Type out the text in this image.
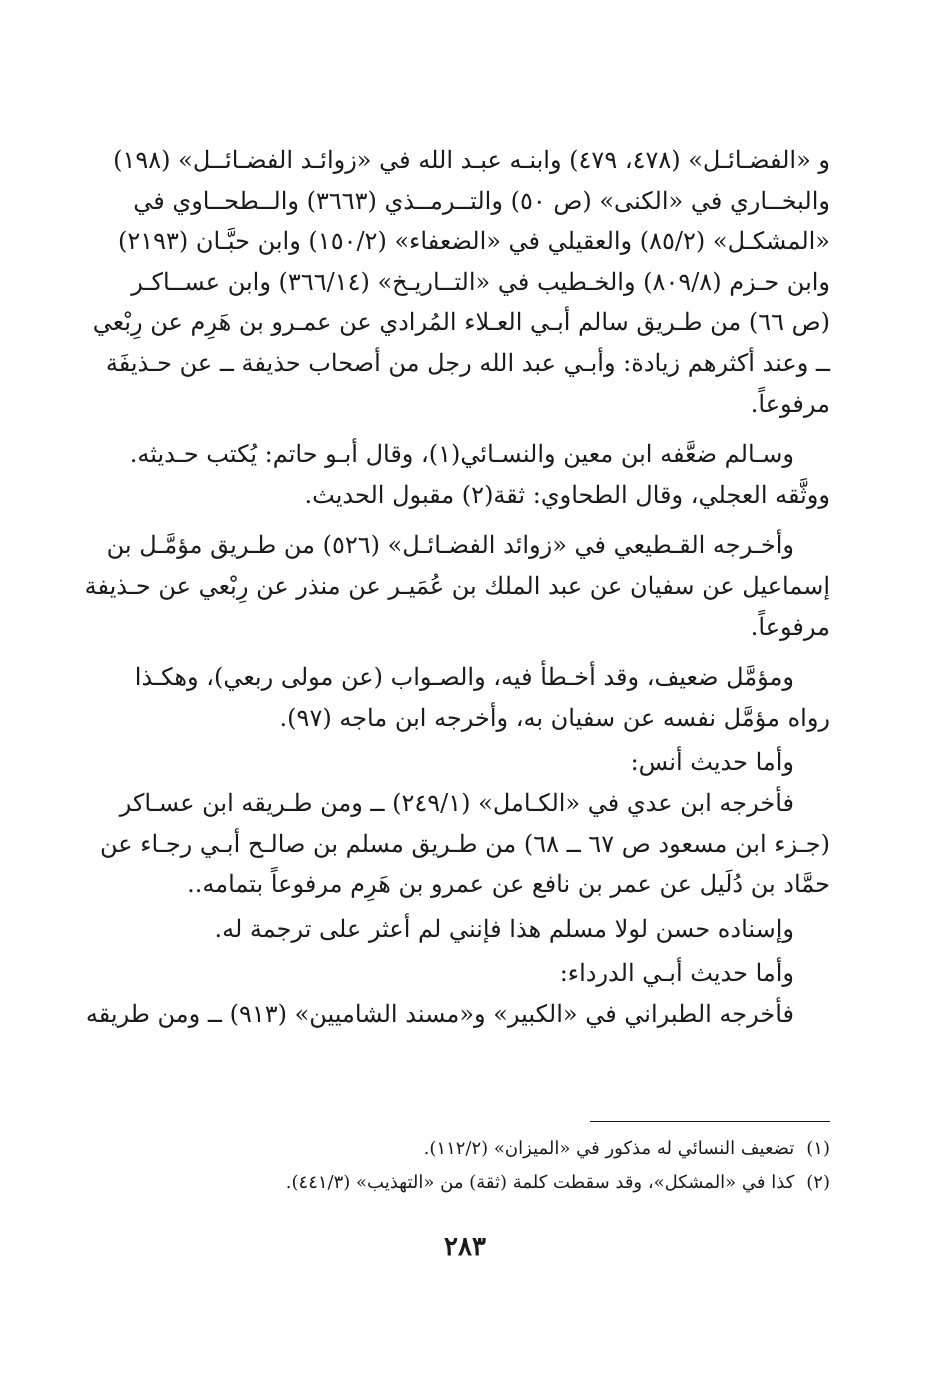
و «الفضـائـل» (٤٧٨، ٤٧٩) وابنـه عبـد الله في «زوائـد الفضـائــل» (١٩٨)
والبخــاري في «الكنى» (ص ٥٠) والتــرمــذي (٣٦٦٣) والــطحــاوي في
«المشكـل» (٨٥/٢) والعقيلي في «الضعفاء» (١٥٠/٢) وابن حبَّـان (٢١٩٣)
وابن حـزم (٨٠٩/٨) والخـطيب في «التــاريـخ» (٣٦٦/١٤) وابن عســاكـر
(ص ٦٦) من طـريق سالم أبـي العـلاء المُرادي عن عمـرو بن هَرِم عن رِبْعي
ــ وعند أكثرهم زيادة: وأبـي عبد الله رجل من أصحاب حذيفة ــ عن حـذيفَة
مرفوعاً.
وسـالم ضعَّفه ابن معين والنسـائي(١)، وقال أبـو حاتم: يُكتب حـديثه.
ووثَّقه العجلي، وقال الطحاوي: ثقة(٢) مقبول الحديث.
وأخـرجه القـطيعي في «زوائد الفضـائـل» (٥٢٦) من طـريق مؤمَّـل بن
إسماعيل عن سفيان عن عبد الملك بن عُمَيـر عن منذر عن رِبْعي عن حـذيفة
مرفوعاً.
ومؤمَّل ضعيف، وقد أخـطأ فيه، والصـواب (عن مولى ربعي)، وهكـذا
رواه مؤمَّل نفسه عن سفيان به، وأخرجه ابن ماجه (٩٧).
وأما حديث أنس:
فأخرجه ابن عدي في «الكـامل» (٢٤٩/١) ــ ومن طـريقه ابن عسـاكر
(جـزء ابن مسعود ص ٦٧ ــ ٦٨) من طـريق مسلم بن صالـح أبـي رجـاء عن
حمَّاد بن دُلَيل عن عمر بن نافع عن عمرو بن هَرِم مرفوعاً بتمامه..
وإسناده حسن لولا مسلم هذا فإنني لم أعثر على ترجمة له.
وأما حديث أبـي الدرداء:
فأخرجه الطبراني في «الكبير» و«مسند الشاميين» (٩١٣) ــ ومن طريقه
(١)تضعيف النسائي له مذكور في «الميزان» (١١٢/٢).
(٢)كذا في «المشكل»، وقد سقطت كلمة (ثقة) من «التهذيب» (٤٤١/٣).
٢٨٣
